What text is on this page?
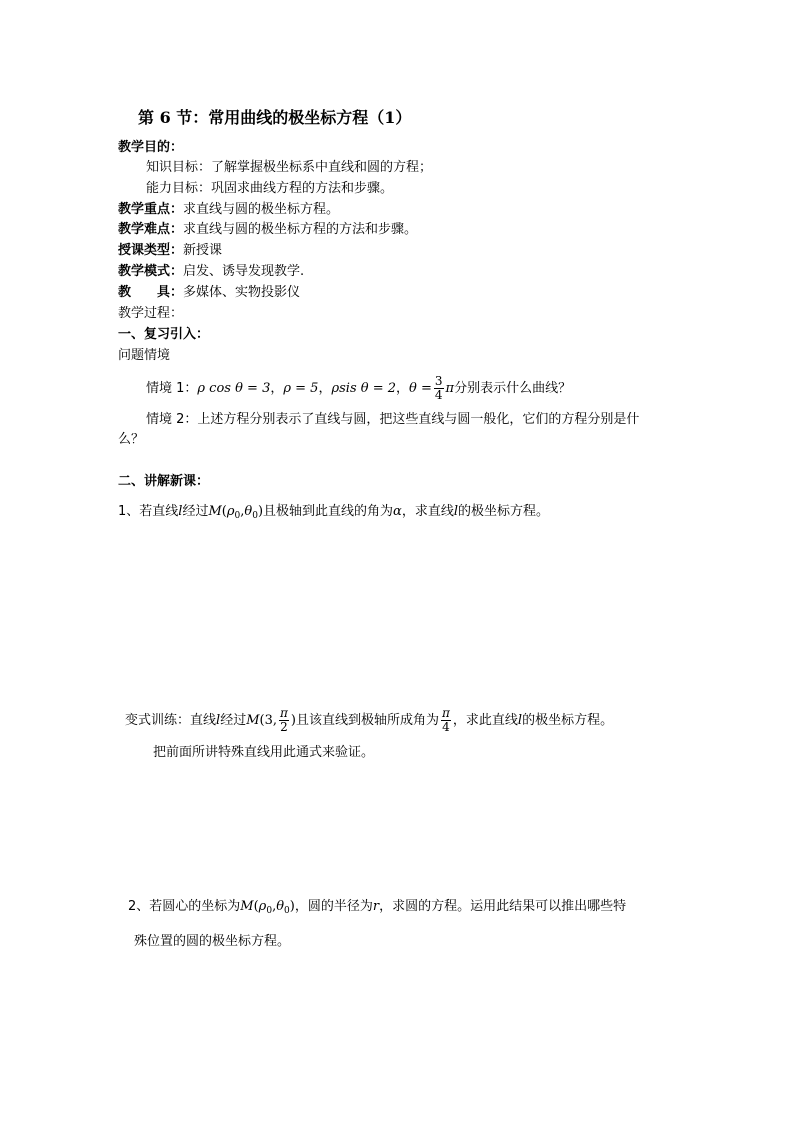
第 6 节：常用曲线的极坐标方程（1）
教学目的：
知识目标：了解掌握极坐标系中直线和圆的方程；
能力目标：巩固求曲线方程的方法和步骤。
教学重点：求直线与圆的极坐标方程。
教学难点：求直线与圆的极坐标方程的方法和步骤。
授课类型：新授课
教学模式：启发、诱导发现教学.
教　　具：多媒体、实物投影仪
教学过程：
一、复习引入：
问题情境
情境 1：ρ cos θ = 3，ρ = 5，ρsis θ = 2，$\theta = \frac{3}{4}$ π分别表示什么曲线？
情境 2：上述方程分别表示了直线与圆，把这些直线与圆一般化，它们的方程分别是什
么？
二、讲解新课：
1、若直线l经过$M(\rho_0,\theta_0)$且极轴到此直线的角为α，求直线l的极坐标方程。
变式训练：直线l经过M(3, $\frac{\pi}{2}$ )且该直线到极轴所成角为 $\frac{\pi}{4}$ ，求此直线l的极坐标方程。
把前面所讲特殊直线用此通式来验证。
2、若圆心的坐标为$M(\rho_0,\theta_0)$，圆的半径为r，求圆的方程。运用此结果可以推出哪些特
殊位置的圆的极坐标方程。
